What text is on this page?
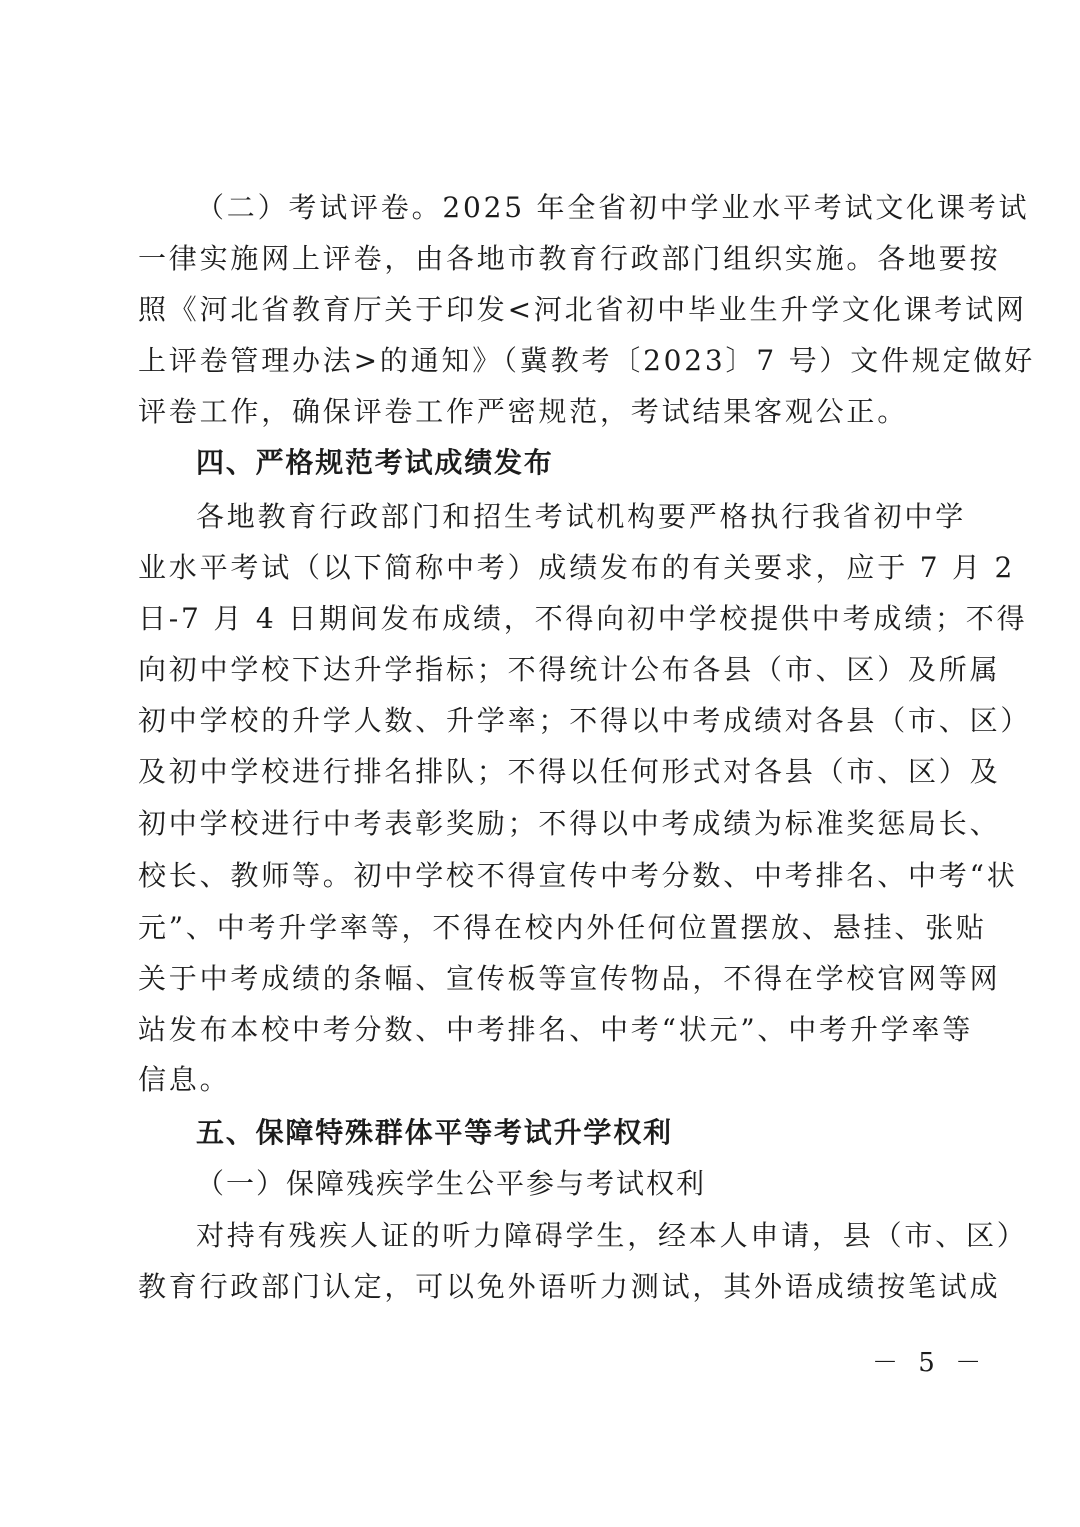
（二）考试评卷。2025 年全省初中学业水平考试文化课考试
一律实施网上评卷，由各地市教育行政部门组织实施。各地要按
照《河北省教育厅关于印发<河北省初中毕业生升学文化课考试网
上评卷管理办法>的通知》（冀教考〔2023〕7 号）文件规定做好
评卷工作，确保评卷工作严密规范，考试结果客观公正。
四、严格规范考试成绩发布
各地教育行政部门和招生考试机构要严格执行我省初中学
业水平考试（以下简称中考）成绩发布的有关要求，应于 7 月 2
日-7 月 4 日期间发布成绩，不得向初中学校提供中考成绩；不得
向初中学校下达升学指标；不得统计公布各县（市、区）及所属
初中学校的升学人数、升学率；不得以中考成绩对各县（市、区）
及初中学校进行排名排队；不得以任何形式对各县（市、区）及
初中学校进行中考表彰奖励；不得以中考成绩为标准奖惩局长、
校长、教师等。初中学校不得宣传中考分数、中考排名、中考“状
元”、中考升学率等，不得在校内外任何位置摆放、悬挂、张贴
关于中考成绩的条幅、宣传板等宣传物品，不得在学校官网等网
站发布本校中考分数、中考排名、中考“状元”、中考升学率等
信息。
五、保障特殊群体平等考试升学权利
（一）保障残疾学生公平参与考试权利
对持有残疾人证的听力障碍学生，经本人申请，县（市、区）
教育行政部门认定，可以免外语听力测试，其外语成绩按笔试成
－ 5 －
